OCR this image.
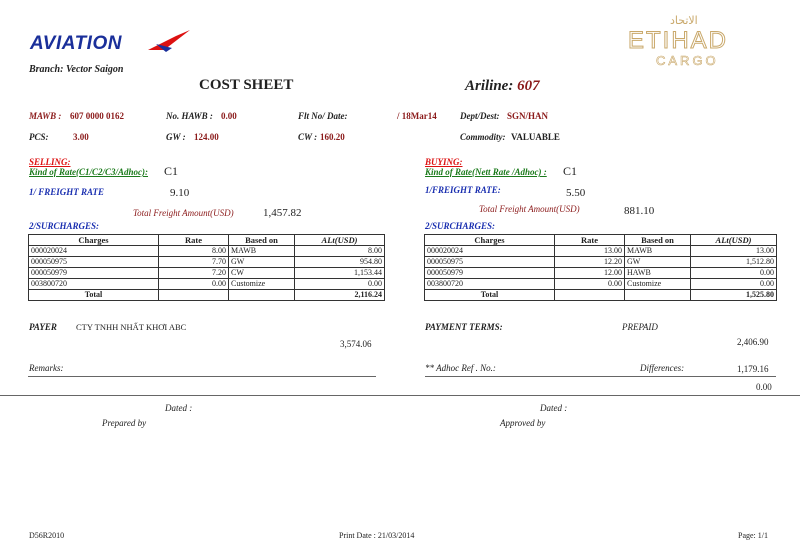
AVIATION
الاتحاد
ETIHAD
CARGO
Branch: Vector Saigon
COST SHEET	Ariline: 607
MAWB : 607 0000 0162	No. HAWB : 0.00	Flt No/ Date:	/ 18Mar14	Dept/Dest: SGN/HAN
PCS:	3.00	GW : 124.00	CW : 160.20	Commodity: VALUABLE
SELLING:
Kind of Rate(C1/C2/C3/Adhoc): C1
1/ FREIGHT RATE	9.10
Total Freight Amount(USD)	1,457.82
2/SURCHARGES:
Charges	Rate	Based on	ALt(USD)
000020024	8.00	MAWB	8.00
000050975	7.70	GW	954.80
000050979	7.20	CW	1,153.44
003800720	0.00	Customize	0.00
Total			2,116.24
PAYER CTY TNHH NHẤT KHƠI ABC
3,574.06
BUYING:
Kind of Rate(Nett Rate /Adhoc) : C1
1/FREIGHT RATE:	5.50
Total Freight Amount(USD)	881.10
2/SURCHARGES:
Charges	Rate	Based on	ALt(USD)
000020024	13.00	MAWB	13.00
000050975	12.20	GW	1,512.80
000050979	12.00	HAWB	0.00
003800720	0.00	Customize	0.00
Total			1,525.80
PAYMENT TERMS:	PREPAID
2,406.90
Remarks:	** Adhoc Ref . No.:	Differences:	1,179.16
0.00
Dated :	Dated :
Prepared by	Approved by
D56R2010	Print Date : 21/03/2014	Page: 1/1
